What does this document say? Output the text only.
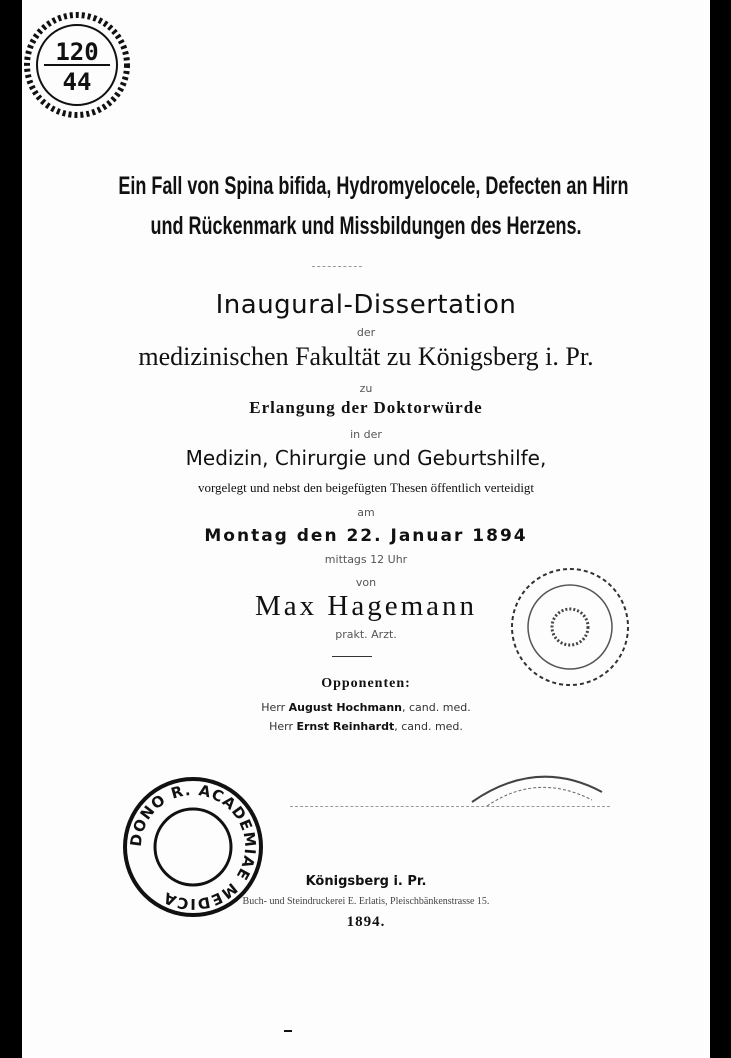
120
44
Ein Fall von Spina bifida, Hydromyelocele, Defecten an Hirn
und Rückenmark und Missbildungen des Herzens.
Inaugural-Dissertation
der
medizinischen Fakultät zu Königsberg i. Pr.
zu
Erlangung der Doktorwürde
in der
Medizin, Chirurgie und Geburtshilfe,
vorgelegt und nebst den beigefügten Thesen öffentlich verteidigt
am
Montag den 22. Januar 1894
mittags 12 Uhr
von
Max Hagemann
prakt. Arzt.
Opponenten:
Herr August Hochmann, cand. med.
Herr Ernst Reinhardt, cand. med.
DONO R. ACADEMIAE MEDICA
Königsberg i. Pr.
Buch- und Steindruckerei E. Erlatis, Pleischbänkenstrasse 15.
1894.
